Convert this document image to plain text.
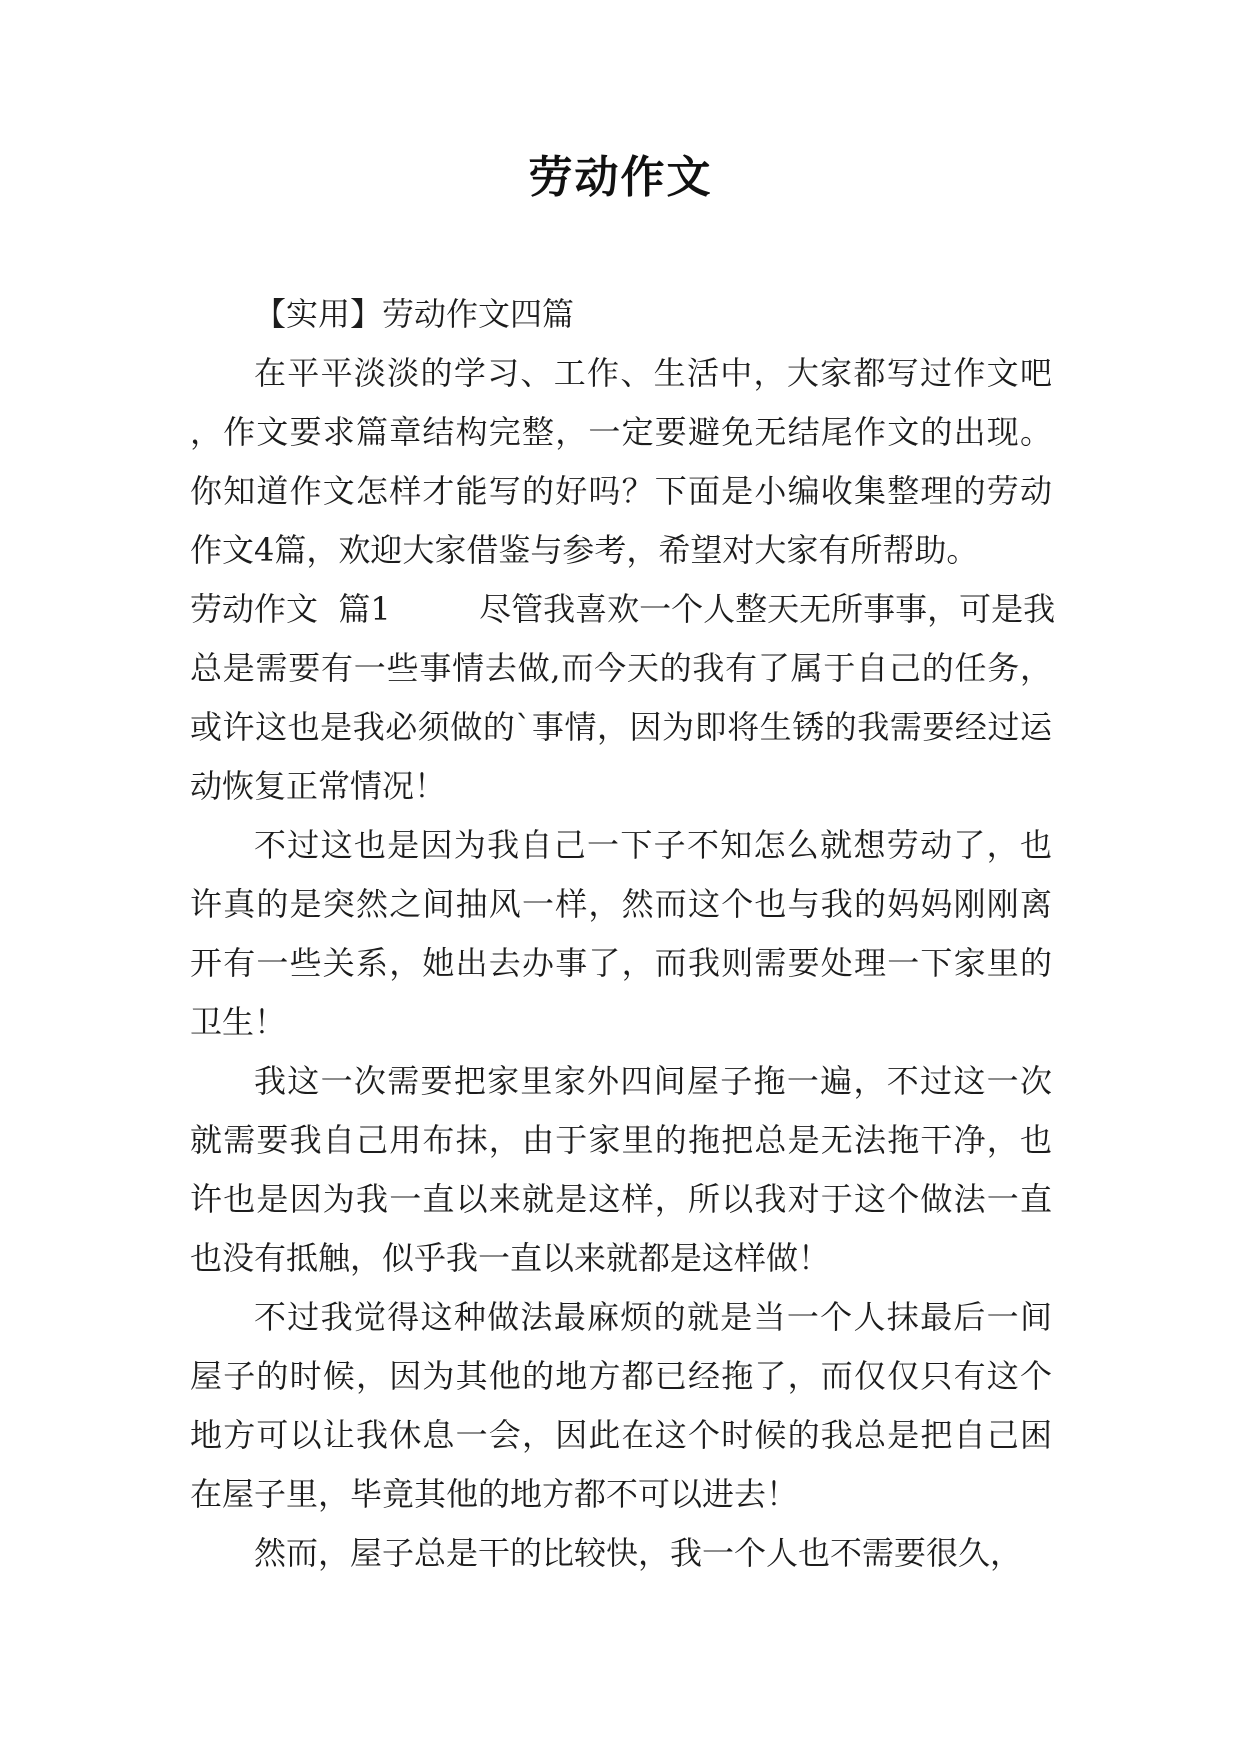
劳动作文

【实用】劳动作文四篇

在平平淡淡的学习、工作、生活中，大家都写过作文吧，作文要求篇章结构完整，一定要避免无结尾作文的出现。你知道作文怎样才能写的好吗？下面是小编收集整理的劳动作文4篇，欢迎大家借鉴与参考，希望对大家有所帮助。

劳动作文  篇1	尽管我喜欢一个人整天无所事事，可是我

总是需要有一些事情去做,而今天的我有了属于自己的任务，或许这也是我必须做的`事情，因为即将生锈的我需要经过运动恢复正常情况！

不过这也是因为我自己一下子不知怎么就想劳动了，也许真的是突然之间抽风一样，然而这个也与我的妈妈刚刚离开有一些关系，她出去办事了，而我则需要处理一下家里的卫生！

我这一次需要把家里家外四间屋子拖一遍，不过这一次就需要我自己用布抹，由于家里的拖把总是无法拖干净，也许也是因为我一直以来就是这样，所以我对于这个做法一直也没有抵触，似乎我一直以来就都是这样做！

不过我觉得这种做法最麻烦的就是当一个人抹最后一间屋子的时候，因为其他的地方都已经拖了，而仅仅只有这个地方可以让我休息一会，因此在这个时候的我总是把自己困在屋子里，毕竟其他的地方都不可以进去！

然而，屋子总是干的比较快，我一个人也不需要很久，
